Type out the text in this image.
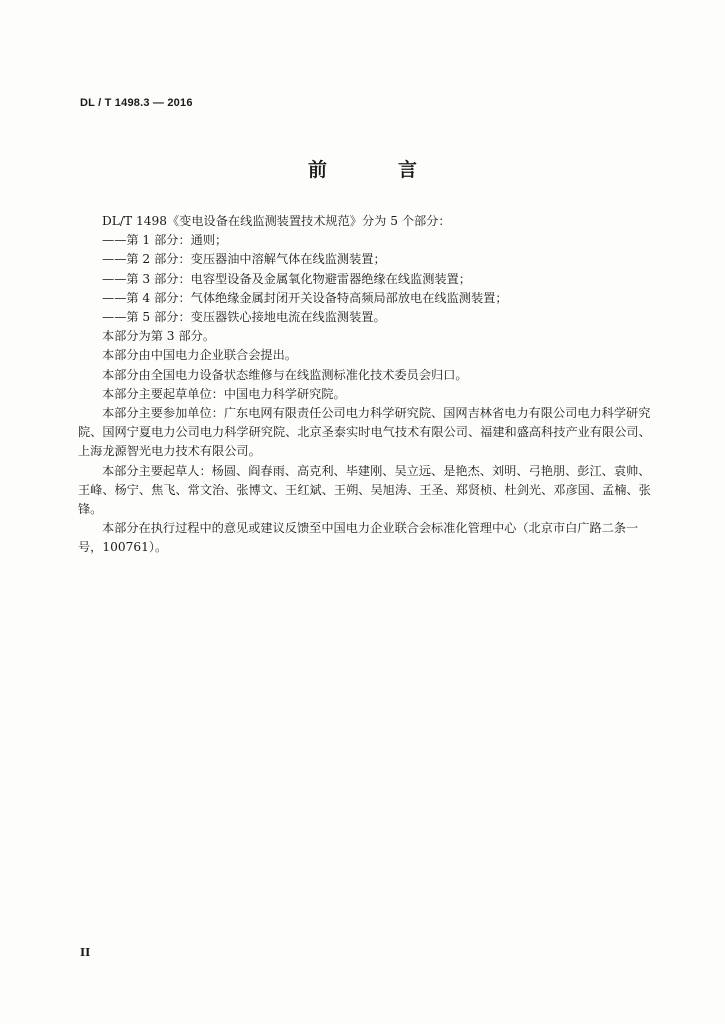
DL / T 1498.3 — 2016
前　言

DL/T 1498《变电设备在线监测装置技术规范》分为 5 个部分：

——第 1 部分：通则；

——第 2 部分：变压器油中溶解气体在线监测装置；

——第 3 部分：电容型设备及金属氧化物避雷器绝缘在线监测装置；

——第 4 部分：气体绝缘金属封闭开关设备特高频局部放电在线监测装置；

——第 5 部分：变压器铁心接地电流在线监测装置。

本部分为第 3 部分。

本部分由中国电力企业联合会提出。

本部分由全国电力设备状态维修与在线监测标准化技术委员会归口。

本部分主要起草单位：中国电力科学研究院。

本部分主要参加单位：广东电网有限责任公司电力科学研究院、国网吉林省电力有限公司电力科学研究院、国网宁夏电力公司电力科学研究院、北京圣泰实时电气技术有限公司、福建和盛高科技产业有限公司、上海龙源智光电力技术有限公司。

本部分主要起草人：杨圆、阎春雨、高克利、毕建刚、吴立远、是艳杰、刘明、弓艳朋、彭江、袁帅、王峰、杨宁、焦飞、常文治、张博文、王红斌、王朔、吴旭涛、王圣、郑贤桢、杜剑光、邓彦国、孟楠、张锋。

本部分在执行过程中的意见或建议反馈至中国电力企业联合会标准化管理中心（北京市白广路二条一号，100761）。

II
